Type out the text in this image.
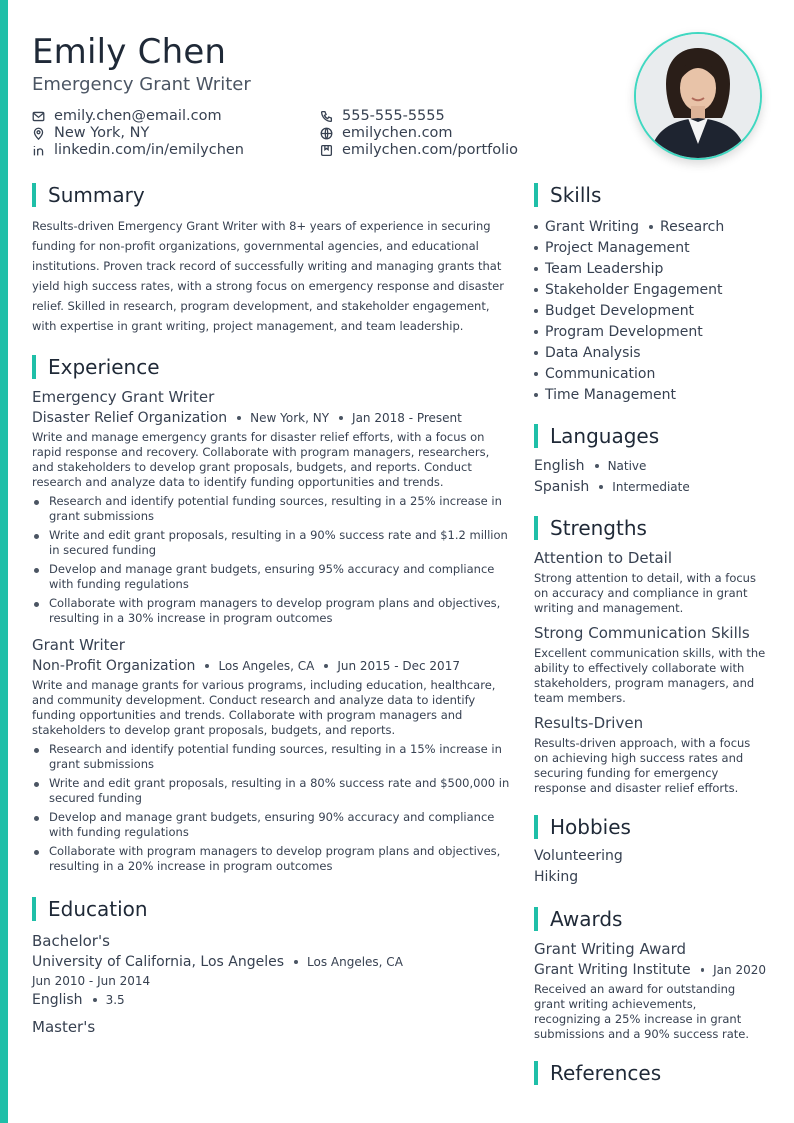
Emily Chen
Emergency Grant Writer
emily.chen@email.com	555-555-5555
New York, NY	emilychen.com
linkedin.com/in/emilychen	emilychen.com/portfolio
Summary
Results-driven Emergency Grant Writer with 8+ years of experience in securing funding for non-profit organizations, governmental agencies, and educational institutions. Proven track record of successfully writing and managing grants that yield high success rates, with a strong focus on emergency response and disaster relief. Skilled in research, program development, and stakeholder engagement, with expertise in grant writing, project management, and team leadership.
Experience
Emergency Grant Writer
Disaster Relief Organization New York, NY Jan 2018 - Present
Write and manage emergency grants for disaster relief efforts, with a focus on rapid response and recovery. Collaborate with program managers, researchers, and stakeholders to develop grant proposals, budgets, and reports. Conduct research and analyze data to identify funding opportunities and trends.
Research and identify potential funding sources, resulting in a 25% increase in grant submissions
Write and edit grant proposals, resulting in a 90% success rate and $1.2 million in secured funding
Develop and manage grant budgets, ensuring 95% accuracy and compliance with funding regulations
Collaborate with program managers to develop program plans and objectives, resulting in a 30% increase in program outcomes
Grant Writer
Non-Profit Organization Los Angeles, CA Jun 2015 - Dec 2017
Write and manage grants for various programs, including education, healthcare, and community development. Conduct research and analyze data to identify funding opportunities and trends. Collaborate with program managers and stakeholders to develop grant proposals, budgets, and reports.
Research and identify potential funding sources, resulting in a 15% increase in grant submissions
Write and edit grant proposals, resulting in a 80% success rate and $500,000 in secured funding
Develop and manage grant budgets, ensuring 90% accuracy and compliance with funding regulations
Collaborate with program managers to develop program plans and objectives, resulting in a 20% increase in program outcomes
Education
Bachelor's
University of California, Los Angeles Los Angeles, CA
Jun 2010 - Jun 2014
English 3.5
Master's
Skills
Grant Writing Research
Project Management
Team Leadership
Stakeholder Engagement
Budget Development
Program Development
Data Analysis
Communication
Time Management
Languages
English Native
Spanish Intermediate
Strengths
Attention to Detail
Strong attention to detail, with a focus on accuracy and compliance in grant writing and management.
Strong Communication Skills
Excellent communication skills, with the ability to effectively collaborate with stakeholders, program managers, and team members.
Results-Driven
Results-driven approach, with a focus on achieving high success rates and securing funding for emergency response and disaster relief efforts.
Hobbies
Volunteering
Hiking
Awards
Grant Writing Award
Grant Writing Institute Jan 2020
Received an award for outstanding grant writing achievements, recognizing a 25% increase in grant submissions and a 90% success rate.
References
